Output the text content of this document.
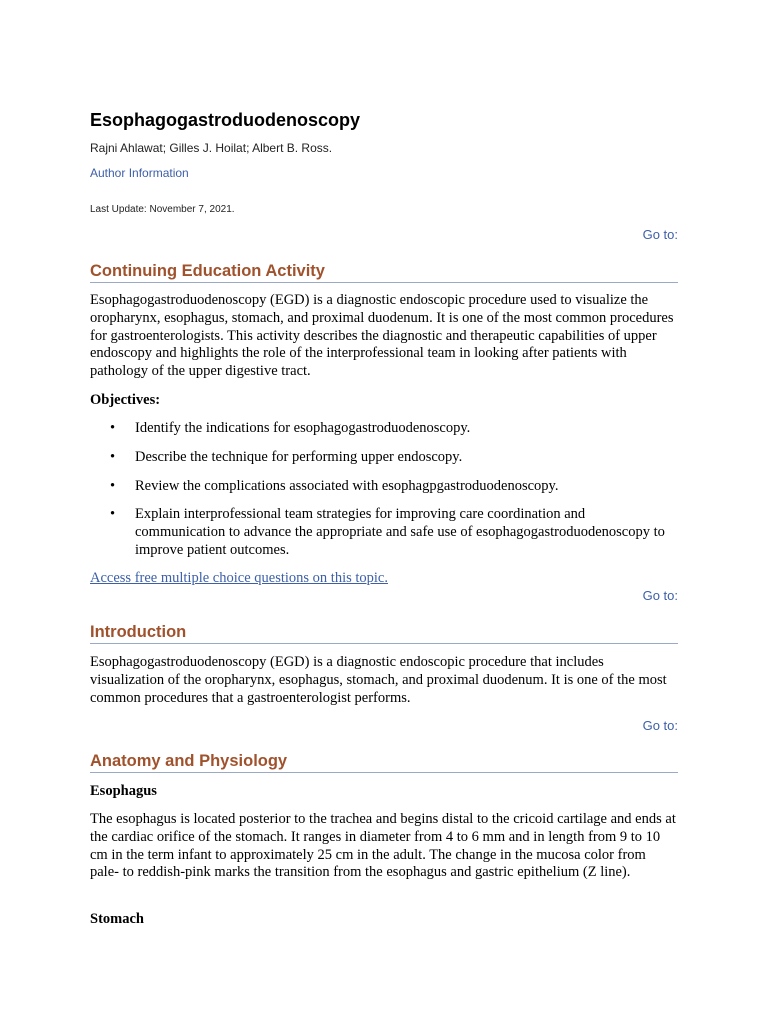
Esophagogastroduodenoscopy
Rajni Ahlawat; Gilles J. Hoilat; Albert B. Ross.
Author Information
Last Update: November 7, 2021.
Go to:
Continuing Education Activity

Esophagogastroduodenoscopy (EGD) is a diagnostic endoscopic procedure used to visualize the oropharynx, esophagus, stomach, and proximal duodenum. It is one of the most common procedures for gastroenterologists. This activity describes the diagnostic and therapeutic capabilities of upper endoscopy and highlights the role of the interprofessional team in looking after patients with pathology of the upper digestive tract.

Objectives:
• Identify the indications for esophagogastroduodenoscopy.
• Describe the technique for performing upper endoscopy.
• Review the complications associated with esophagpgastroduodenoscopy.
• Explain interprofessional team strategies for improving care coordination and communication to advance the appropriate and safe use of esophagogastroduodenoscopy to improve patient outcomes.
Access free multiple choice questions on this topic.
Go to:
Introduction

Esophagogastroduodenoscopy (EGD) is a diagnostic endoscopic procedure that includes visualization of the oropharynx, esophagus, stomach, and proximal duodenum. It is one of the most common procedures that a gastroenterologist performs.

Go to:
Anatomy and Physiology
Esophagus

The esophagus is located posterior to the trachea and begins distal to the cricoid cartilage and ends at the cardiac orifice of the stomach. It ranges in diameter from 4 to 6 mm and in length from 9 to 10 cm in the term infant to approximately 25 cm in the adult. The change in the mucosa color from pale- to reddish-pink marks the transition from the esophagus and gastric epithelium (Z line).

Stomach
